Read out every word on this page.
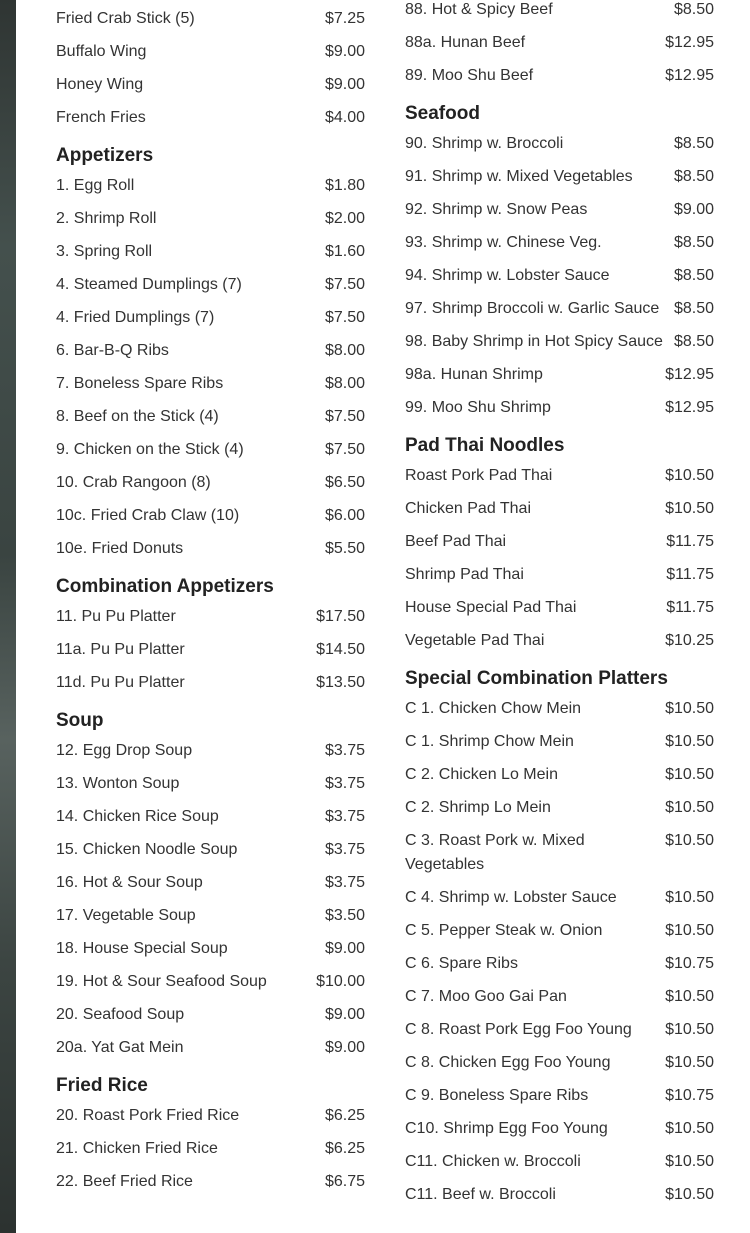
Fried Crab Stick (5)	$7.25
Buffalo Wing	$9.00
Honey Wing	$9.00
French Fries	$4.00
Appetizers
1. Egg Roll	$1.80
2. Shrimp Roll	$2.00
3. Spring Roll	$1.60
4. Steamed Dumplings (7)	$7.50
4. Fried Dumplings (7)	$7.50
6. Bar-B-Q Ribs	$8.00
7. Boneless Spare Ribs	$8.00
8. Beef on the Stick (4)	$7.50
9. Chicken on the Stick (4)	$7.50
10. Crab Rangoon (8)	$6.50
10c. Fried Crab Claw (10)	$6.00
10e. Fried Donuts	$5.50
Combination Appetizers
11. Pu Pu Platter	$17.50
11a. Pu Pu Platter	$14.50
11d. Pu Pu Platter	$13.50
Soup
12. Egg Drop Soup	$3.75
13. Wonton Soup	$3.75
14. Chicken Rice Soup	$3.75
15. Chicken Noodle Soup	$3.75
16. Hot & Sour Soup	$3.75
17. Vegetable Soup	$3.50
18. House Special Soup	$9.00
19. Hot & Sour Seafood Soup	$10.00
20. Seafood Soup	$9.00
20a. Yat Gat Mein	$9.00
Fried Rice
20. Roast Pork Fried Rice	$6.25
21. Chicken Fried Rice	$6.25
22. Beef Fried Rice	$6.75
88. Hot & Spicy Beef	$8.50
88a. Hunan Beef	$12.95
89. Moo Shu Beef	$12.95
Seafood
90. Shrimp w. Broccoli	$8.50
91. Shrimp w. Mixed Vegetables	$8.50
92. Shrimp w. Snow Peas	$9.00
93. Shrimp w. Chinese Veg.	$8.50
94. Shrimp w. Lobster Sauce	$8.50
97. Shrimp Broccoli w. Garlic Sauce $8.50
98. Baby Shrimp in Hot Spicy Sauce $8.50
98a. Hunan Shrimp	$12.95
99. Moo Shu Shrimp	$12.95
Pad Thai Noodles
Roast Pork Pad Thai	$10.50
Chicken Pad Thai	$10.50
Beef Pad Thai	$11.75
Shrimp Pad Thai	$11.75
House Special Pad Thai	$11.75
Vegetable Pad Thai	$10.25
Special Combination Platters
C 1. Chicken Chow Mein	$10.50
C 1. Shrimp Chow Mein	$10.50
C 2. Chicken Lo Mein	$10.50
C 2. Shrimp Lo Mein	$10.50
C 3. Roast Pork w. Mixed Vegetables
$10.50
C 4. Shrimp w. Lobster Sauce	$10.50
C 5. Pepper Steak w. Onion	$10.50
C 6. Spare Ribs	$10.75
C 7. Moo Goo Gai Pan	$10.50
C 8. Roast Pork Egg Foo Young	$10.50
C 8. Chicken Egg Foo Young	$10.50
C 9. Boneless Spare Ribs	$10.75
C10. Shrimp Egg Foo Young	$10.50
C11. Chicken w. Broccoli	$10.50
C11. Beef w. Broccoli	$10.50
